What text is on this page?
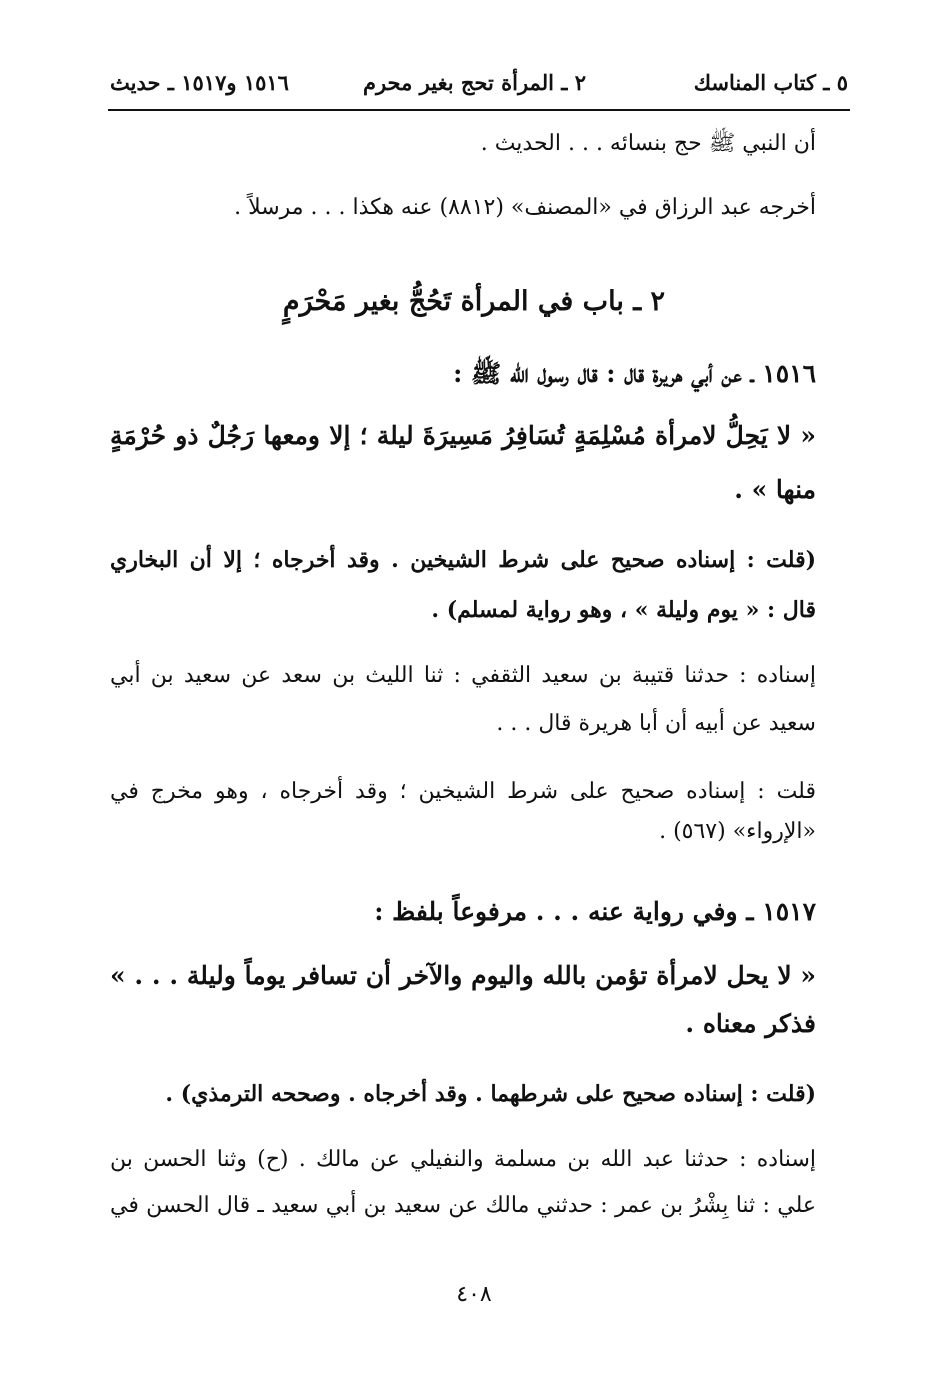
٥ ـ كتاب المناسك
٢ ـ المرأة تحج بغير محرم
١٥١٦ و١٥١٧ ـ حديث
أن النبي ﷺ حج بنسائه . . . الحديث .
أخرجه عبد الرزاق في «المصنف» (٨٨١٢) عنه هكذا . . . مرسلاً .
٢ ـ باب في المرأة تَحُجُّ بغير مَحْرَمٍ
١٥١٦ ـ عن أبي هريرة قال : قال رسول الله ﷺ :
« لا يَحِلُّ لامرأة مُسْلِمَةٍ تُسَافِرُ مَسِيرَةَ ليلة ؛ إلا ومعها رَجُلٌ ذو حُرْمَةٍ
منها » .
(قلت : إسناده صحيح على شرط الشيخين . وقد أخرجاه ؛ إلا أن البخاري
قال : « يوم وليلة » ، وهو رواية لمسلم) .
إسناده : حدثنا قتيبة بن سعيد الثقفي : ثنا الليث بن سعد عن سعيد بن أبي
سعيد عن أبيه أن أبا هريرة قال . . .
قلت : إسناده صحيح على شرط الشيخين ؛ وقد أخرجاه ، وهو مخرج في
«الإرواء» (٥٦٧) .
١٥١٧ ـ وفي رواية عنه . . . مرفوعاً بلفظ :
« لا يحل لامرأة تؤمن بالله واليوم والآخر أن تسافر يوماً وليلة . . . »
فذكر معناه .
(قلت : إسناده صحيح على شرطهما . وقد أخرجاه . وصححه الترمذي) .
إسناده : حدثنا عبد الله بن مسلمة والنفيلي عن مالك . (ح) وثنا الحسن بن
علي : ثنا بِشْرُ بن عمر : حدثني مالك عن سعيد بن أبي سعيد ـ قال الحسن في
٤٠٨
